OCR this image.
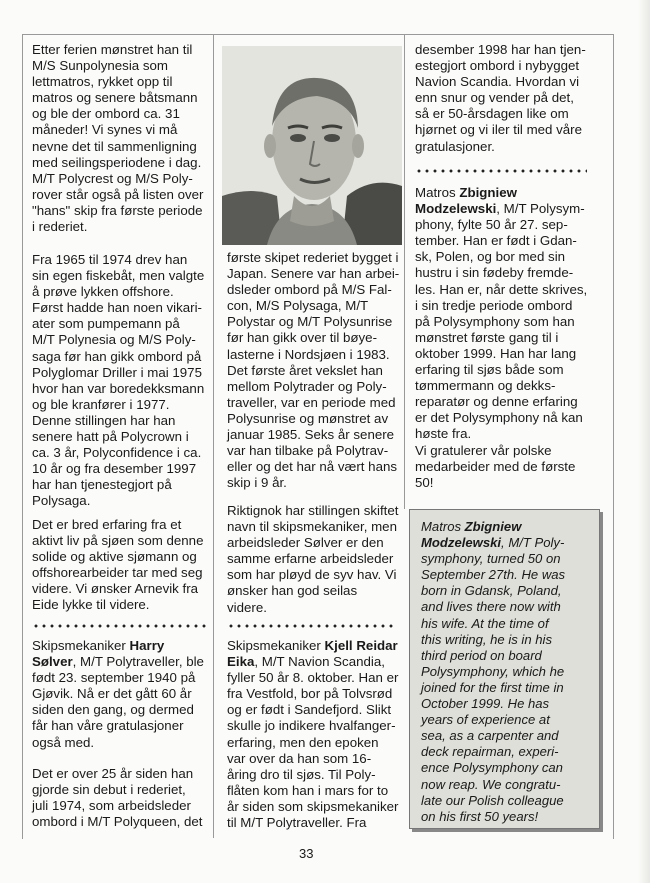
Etter ferien mønstret han til
M/S Sunpolynesia som
lettmatros, rykket opp til
matros og senere båtsmann
og ble der ombord ca. 31
måneder! Vi synes vi må
nevne det til sammenligning
med seilingsperiodene i dag.
M/T Polycrest og M/S Poly-
rover står også på listen over
"hans" skip fra første periode
i rederiet.
Fra 1965 til 1974 drev han
sin egen fiskebåt, men valgte
å prøve lykken offshore.
Først hadde han noen vikari-
ater som pumpemann på
M/T Polynesia og M/S Poly-
saga før han gikk ombord på
Polyglomar Driller i mai 1975
hvor han var boredekksmann
og ble kranfører i 1977.
Denne stillingen har han
senere hatt på Polycrown i
ca. 3 år, Polyconfidence i ca.
10 år og fra desember 1997
har han tjenestegjort på
Polysaga.
Det er bred erfaring fra et
aktivt liv på sjøen som denne
solide og aktive sjømann og
offshorearbeider tar med seg
videre. Vi ønsker Arnevik fra
Eide lykke til videre.
Skipsmekaniker Harry
Sølver, M/T Polytraveller, ble
født 23. september 1940 på
Gjøvik. Nå er det gått 60 år
siden den gang, og dermed
får han våre gratulasjoner
også med.
Det er over 25 år siden han
gjorde sin debut i rederiet,
juli 1974, som arbeidsleder
ombord i M/T Polyqueen, det
første skipet rederiet bygget i
Japan. Senere var han arbei-
dsleder ombord på M/S Fal-
con, M/S Polysaga, M/T
Polystar og M/T Polysunrise
før han gikk over til bøye-
lasterne i Nordsjøen i 1983.
Det første året vekslet han
mellom Polytrader og Poly-
traveller, var en periode med
Polysunrise og mønstret av
januar 1985. Seks år senere
var han tilbake på Polytrav-
eller og det har nå vært hans
skip i 9 år.
Riktignok har stillingen skiftet
navn til skipsmekaniker, men
arbeidsleder Sølver er den
samme erfarne arbeidsleder
som har pløyd de syv hav. Vi
ønsker han god seilas
videre.
Skipsmekaniker Kjell Reidar
Eika, M/T Navion Scandia,
fyller 50 år 8. oktober. Han er
fra Vestfold, bor på Tolvsrød
og er født i Sandefjord. Slikt
skulle jo indikere hvalfanger-
erfaring, men den epoken
var over da han som 16-
åring dro til sjøs. Til Poly-
flåten kom han i mars for to
år siden som skipsmekaniker
til M/T Polytraveller. Fra
desember 1998 har han tjen-
estegjort ombord i nybygget
Navion Scandia. Hvordan vi
enn snur og vender på det,
så er 50-årsdagen like om
hjørnet og vi iler til med våre
gratulasjoner.
Matros Zbigniew
Modzelewski, M/T Polysym-
phony, fylte 50 år 27. sep-
tember. Han er født i Gdan-
sk, Polen, og bor med sin
hustru i sin fødeby fremde-
les. Han er, når dette skrives,
i sin tredje periode ombord
på Polysymphony som han
mønstret første gang til i
oktober 1999. Han har lang
erfaring til sjøs både som
tømmermann og dekks-
reparatør og denne erfaring
er det Polysymphony nå kan
høste fra.
Vi gratulerer vår polske
medarbeider med de første
50!
Matros Zbigniew
Modzelewski, M/T Poly-
symphony, turned 50 on
September 27th. He was
born in Gdansk, Poland,
and lives there now with
his wife. At the time of
this writing, he is in his
third period on board
Polysymphony, which he
joined for the first time in
October 1999. He has
years of experience at
sea, as a carpenter and
deck repairman, experi-
ence Polysymphony can
now reap. We congratu-
late our Polish colleague
on his first 50 years!
33
